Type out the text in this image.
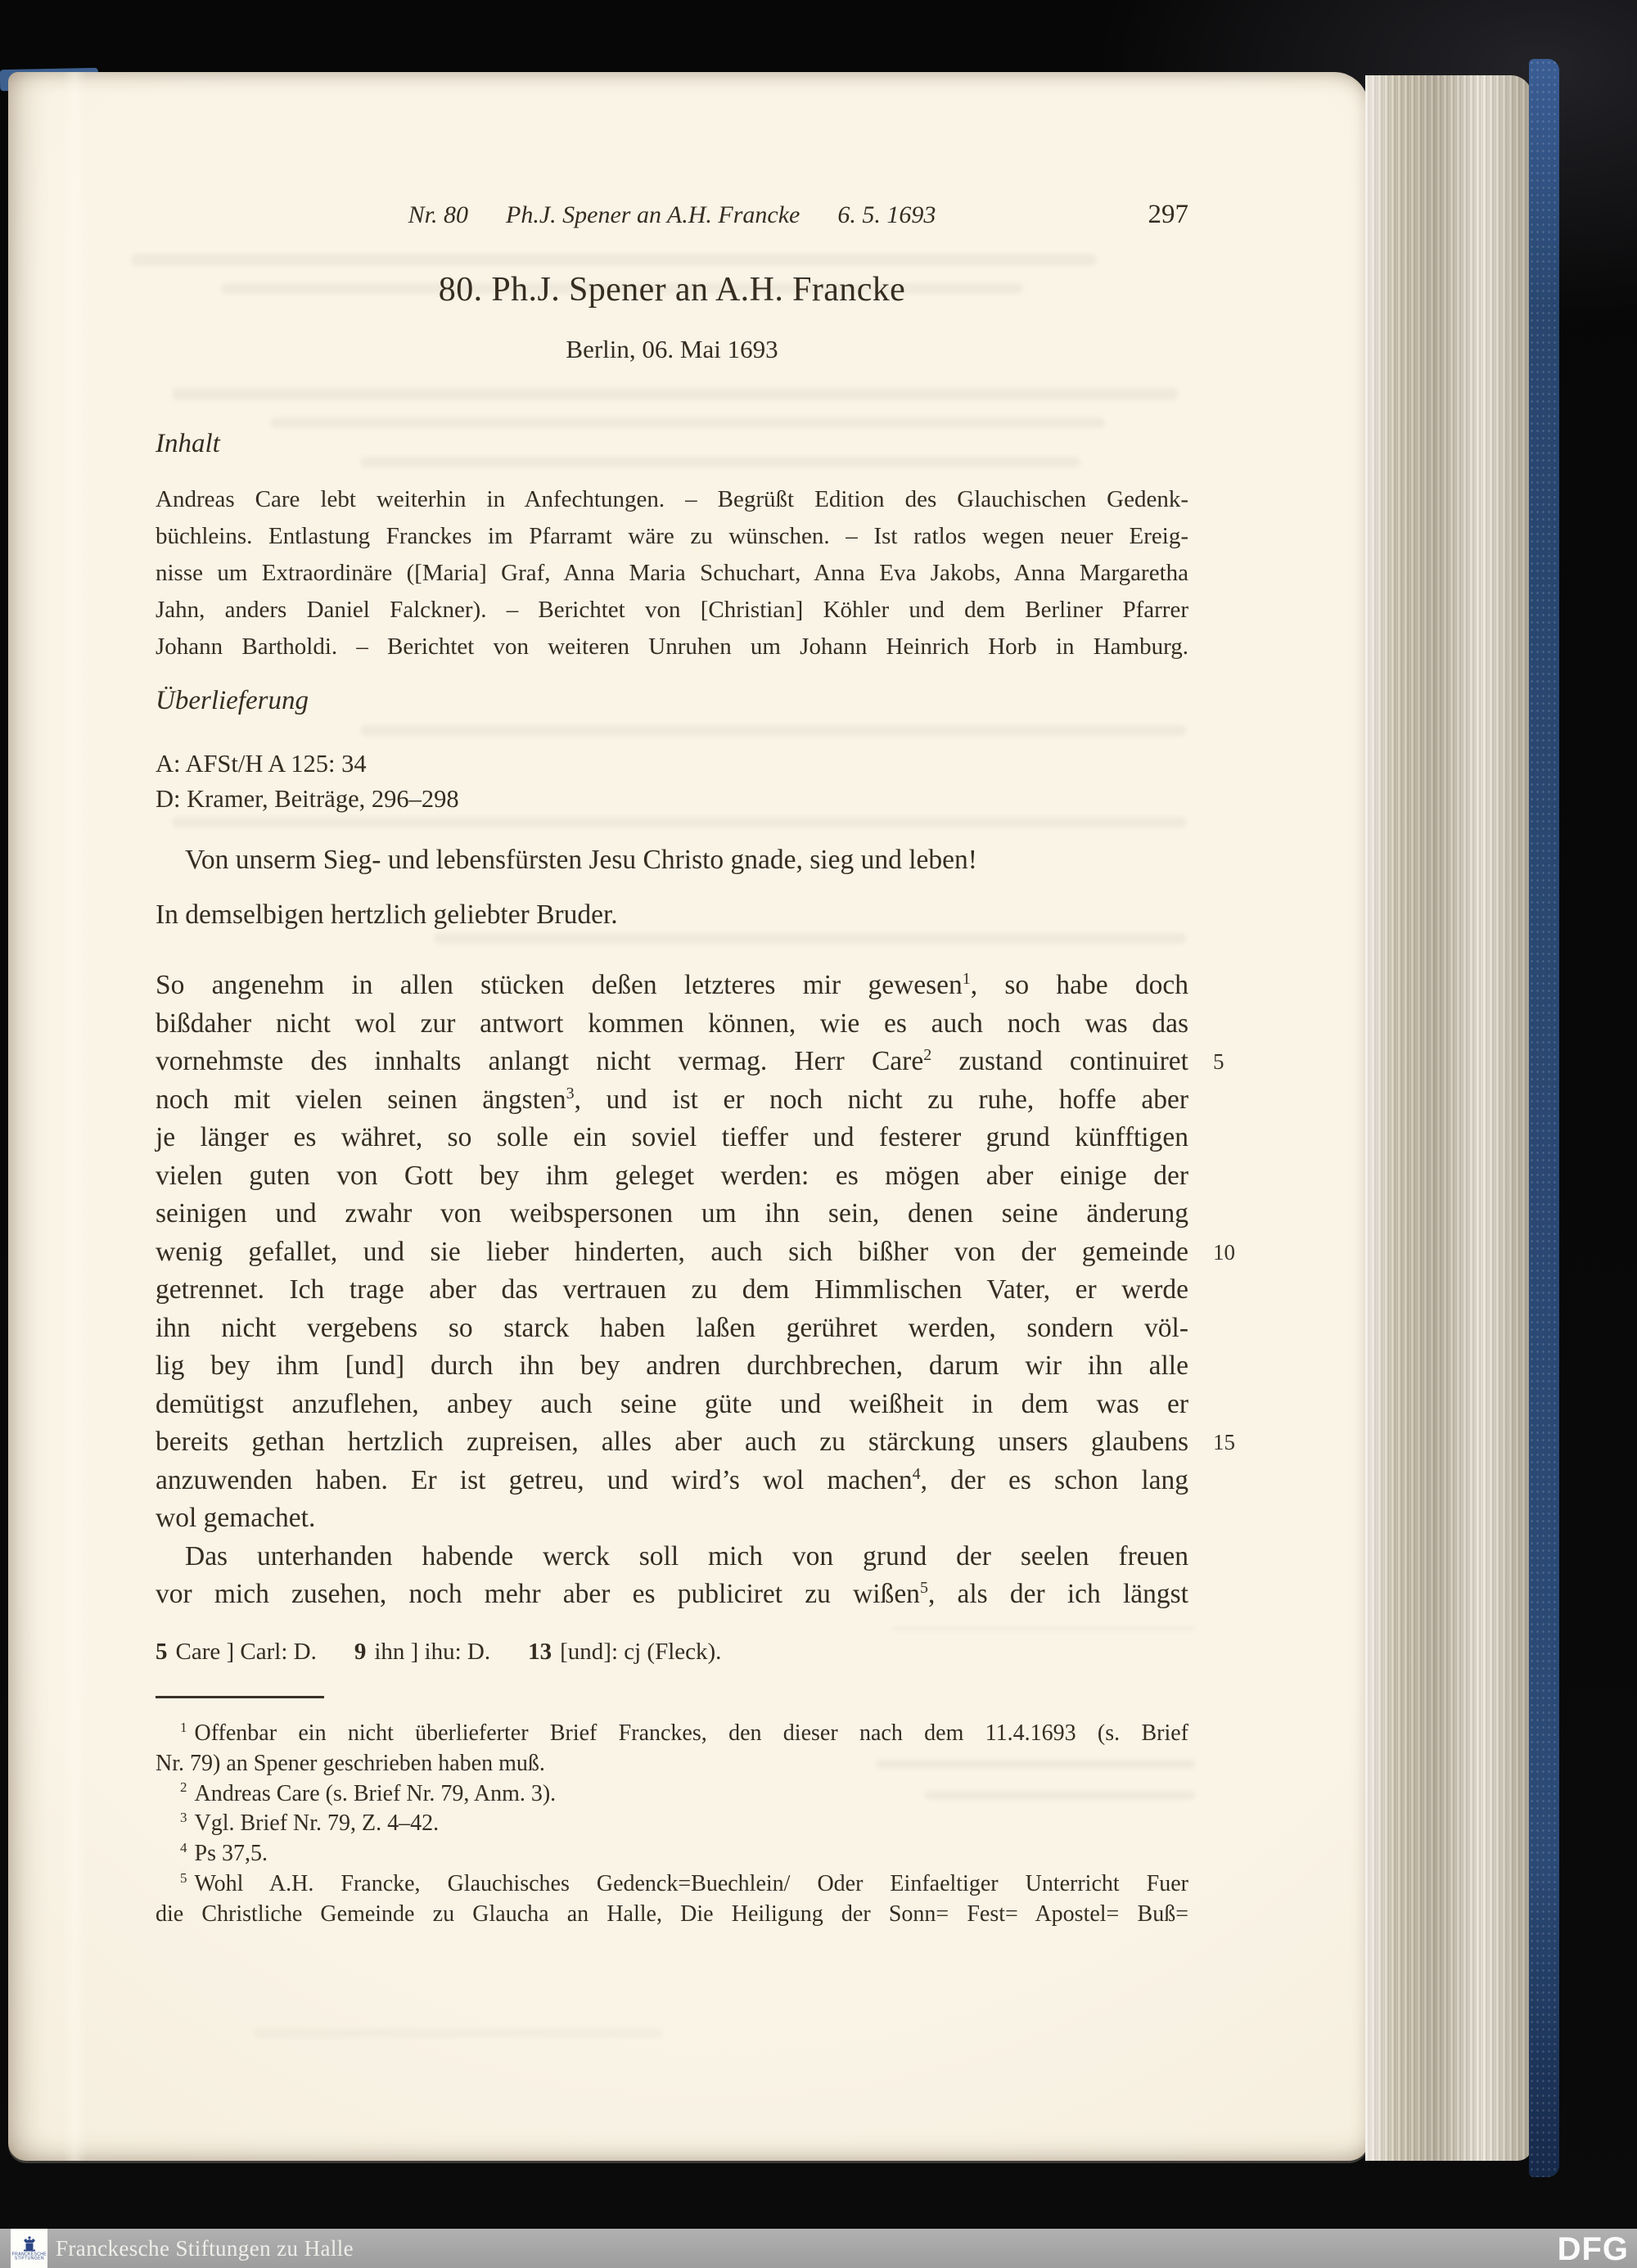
Nr. 80 Ph.J. Spener an A.H. Francke 6. 5. 1693	297
80. Ph.J. Spener an A.H. Francke
Berlin, 06. Mai 1693
Inhalt
Andreas Care lebt weiterhin in Anfechtungen. – Begrüßt Edition des Glauchischen Gedenk-
büchleins. Entlastung Franckes im Pfarramt wäre zu wünschen. – Ist ratlos wegen neuer Ereig-
nisse um Extraordinäre ([Maria] Graf, Anna Maria Schuchart, Anna Eva Jakobs, Anna Margaretha
Jahn, anders Daniel Falckner). – Berichtet von [Christian] Köhler und dem Berliner Pfarrer
Johann Bartholdi. – Berichtet von weiteren Unruhen um Johann Heinrich Horb in Hamburg.
Überlieferung
A: AFSt/H A 125: 34
D: Kramer, Beiträge, 296–298
Von unserm Sieg- und lebensfürsten Jesu Christo gnade, sieg und leben!
In demselbigen hertzlich geliebter Bruder.
So angenehm in allen stücken deßen letzteres mir gewesen$^1$, so habe doch
bißdaher nicht wol zur antwort kommen können, wie es auch noch was das
vornehmste des innhalts anlangt nicht vermag. Herr Care$^2$ zustand continuiret
noch mit vielen seinen ängsten$^3$, und ist er noch nicht zu ruhe, hoffe aber
je länger es währet, so solle ein soviel tieffer und festerer grund künfftigen
vielen guten von Gott bey ihm geleget werden: es mögen aber einige der
seinigen und zwahr von weibspersonen um ihn sein, denen seine änderung
wenig gefallet, und sie lieber hinderten, auch sich bißher von der gemeinde
getrennet. Ich trage aber das vertrauen zu dem Himmlischen Vater, er werde
ihn nicht vergebens so starck haben laßen gerühret werden, sondern völ-
lig bey ihm [und] durch ihn bey andren durchbrechen, darum wir ihn alle
demütigst anzuflehen, anbey auch seine güte und weißheit in dem was er
bereits gethan hertzlich zupreisen, alles aber auch zu stärckung unsers glaubens
anzuwenden haben. Er ist getreu, und wird’s wol machen$^4$, der es schon lang
wol gemachet.
Das unterhanden habende werck soll mich von grund der seelen freuen
vor mich zusehen, noch mehr aber es publiciret zu wißen$^5$, als der ich längst
5 Care ] Carl: D. 9 ihn ] ihu: D. 13 [und]: cj (Fleck).
$^1$ Offenbar ein nicht überlieferter Brief Franckes, den dieser nach dem 11.4.1693 (s. Brief
Nr. 79) an Spener geschrieben haben muß.
$^2$ Andreas Care (s. Brief Nr. 79, Anm. 3).
$^3$ Vgl. Brief Nr. 79, Z. 4–42.
$^4$ Ps 37,5.
$^5$ Wohl A.H. Francke, Glauchisches Gedenck=Buechlein/ Oder Einfaeltiger Unterricht Fuer
die Christliche Gemeinde zu Glaucha an Halle, Die Heiligung der Sonn= Fest= Apostel= Buß=
5
10
15
FRANCKESCHE
STIFTUNGEN Franckesche Stiftungen zu Halle	DFG
